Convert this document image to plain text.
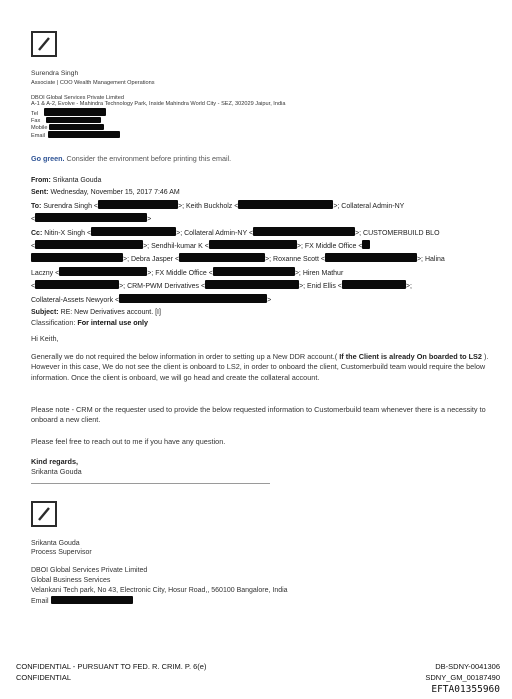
Surendra Singh
Associate | COO Wealth Management Operations
DBOI Global Services Private Limited
A-1 & A-2, Evolve - Mahindra Technology Park, Inside Mahindra World City - SEZ, 302029 Jaipur, India
Tel
Fax
Mobile
Email
Go green. Consider the environment before printing this email.
From: Srikanta Gouda
Sent: Wednesday, November 15, 2017 7:46 AM
To: Surendra Singh <	>; Keith Buckholz <	>; Collateral Admin-NY
<	>
Cc: Nitin-X Singh <	>; Collateral Admin-NY <	>; CUSTOMERBUILD BLO
<	>; Sendhil-kumar K <	>; FX Middle Office <
>; Debra Jasper <	>; Roxanne Scott <	>; Halina
Laczny <	>; FX Middle Office <	>; Hiren Mathur
<	>; CRM-PWM Derivatives <	>; Enid Ellis <	>;
Collateral-Assets Newyork <	>
Subject: RE: New Derivatives account. [I]
Classification: For internal use only
Hi Keith,
Generally we do not required the below information in order to setting up a New DDR account.( If the Client is already On boarded to LS2 ). However in this case, We do not see the client is onboard to LS2, in order to onboard the client, Customerbuild team would require the below information. Once the client is onboard, we will go head and create the collateral account.
Please note - CRM or the requester used to provide the below requested information to Customerbuild team whenever there is a necessity to onboard a new client.
Please feel free to reach out to me if you have any question.
Kind regards,
Srikanta Gouda
Srikanta Gouda
Process Supervisor
DBOI Global Services Private Limited
Global Business Services
Velankani Tech park, No 43, Electronic City, Hosur Road,, 560100 Bangalore, India
Email
CONFIDENTIAL - PURSUANT TO FED. R. CRIM. P. 6(e)
CONFIDENTIAL
DB-SDNY-0041306
SDNY_GM_00187490
EFTA01355960
